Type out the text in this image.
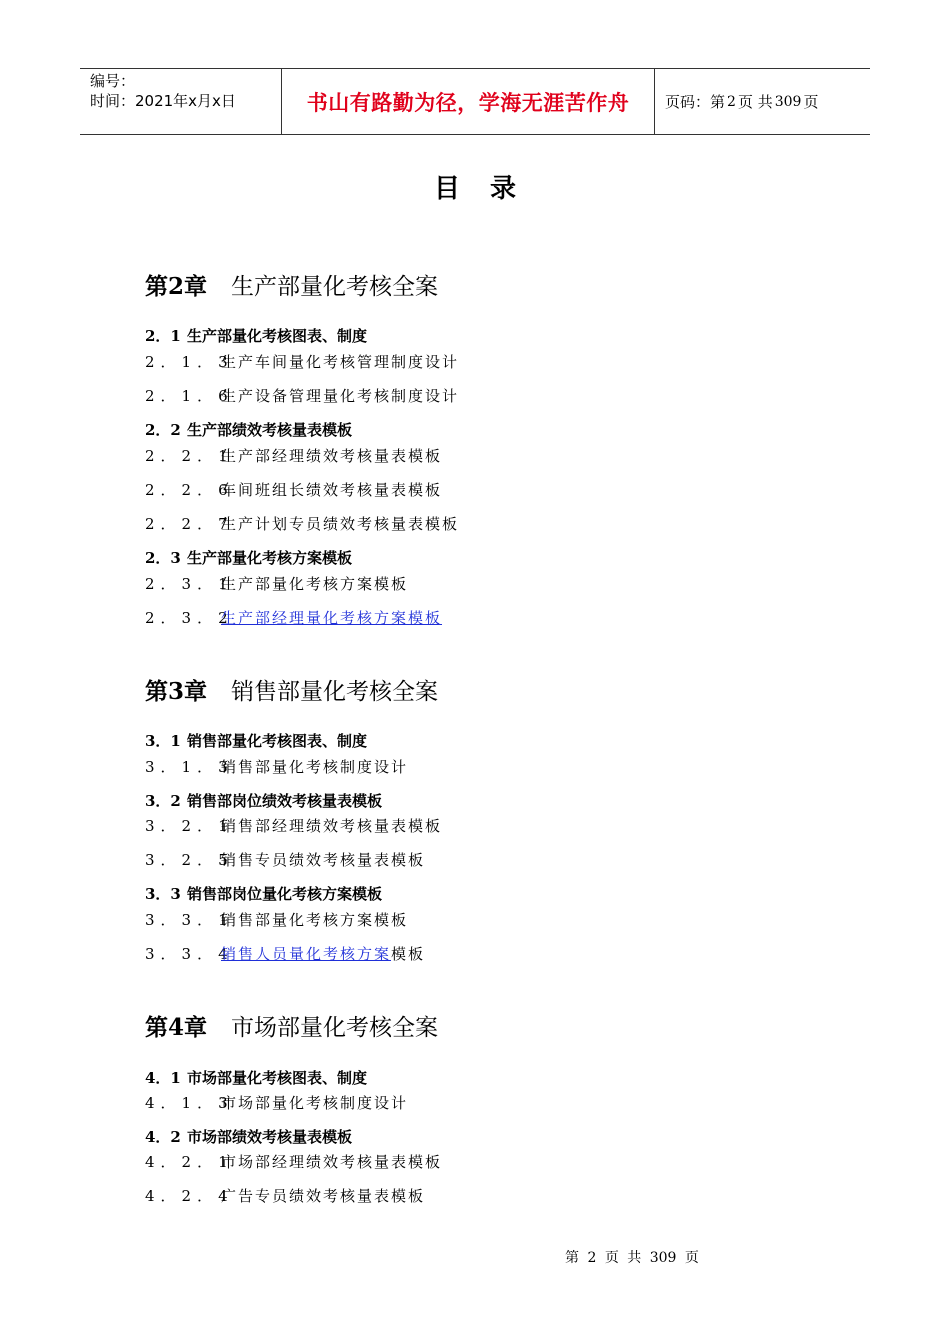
编号：
时间：2021年x月x日	书山有路勤为径，学海无涯苦作舟	页码：第 2 页 共 309 页
目录
第2章 生产部量化考核全案
2．1 生产部量化考核图表、制度
2．1．3生产车间量化考核管理制度设计
2．1．6生产设备管理量化考核制度设计
2．2 生产部绩效考核量表模板
2．2．1生产部经理绩效考核量表模板
2．2．6车间班组长绩效考核量表模板
2．2．7生产计划专员绩效考核量表模板
2．3 生产部量化考核方案模板
2．3．1生产部量化考核方案模板
2．3．2生产部经理量化考核方案模板
第3章 销售部量化考核全案
3．1 销售部量化考核图表、制度
3．1．3销售部量化考核制度设计
3．2 销售部岗位绩效考核量表模板
3．2．1销售部经理绩效考核量表模板
3．2．5销售专员绩效考核量表模板
3．3 销售部岗位量化考核方案模板
3．3．1销售部量化考核方案模板
3．3．4销售人员量化考核方案模板
第4章 市场部量化考核全案
4．1 市场部量化考核图表、制度
4．1．3市场部量化考核制度设计
4．2 市场部绩效考核量表模板
4．2．1市场部经理绩效考核量表模板
4．2．4广告专员绩效考核量表模板
第 2 页 共 309 页
